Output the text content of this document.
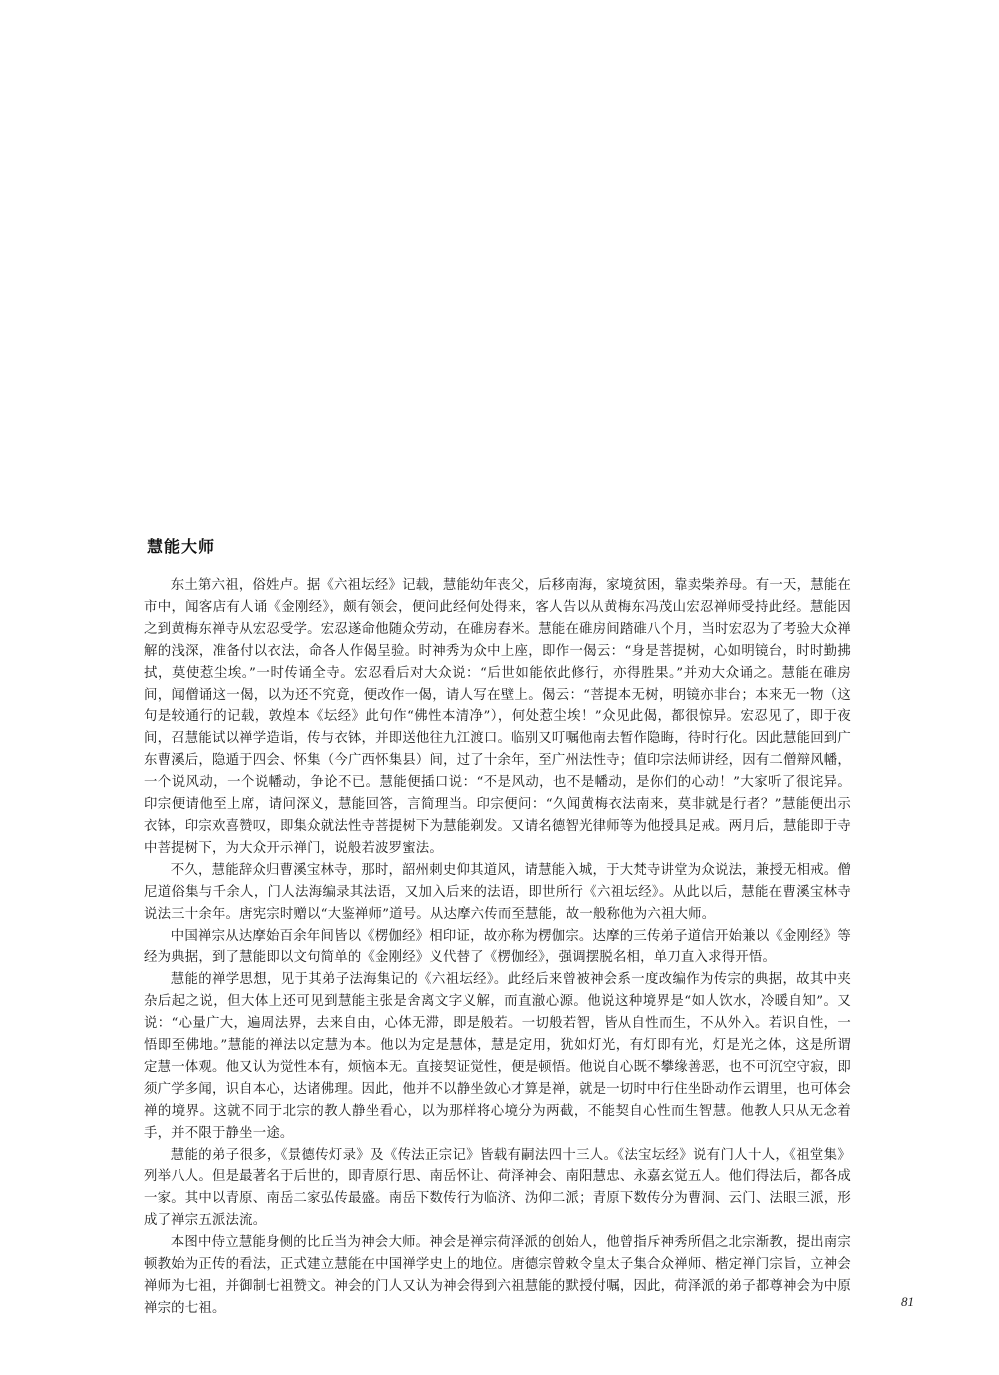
慧能大师

东土第六祖，俗姓卢。据《六祖坛经》记载，慧能幼年丧父，后移南海，家境贫困，靠卖柴养母。有一天，慧能在市中，闻客店有人诵《金刚经》，颇有领会，便问此经何处得来，客人告以从黄梅东冯茂山宏忍禅师受持此经。慧能因之到黄梅东禅寺从宏忍受学。宏忍遂命他随众劳动，在碓房舂米。慧能在碓房间踏碓八个月，当时宏忍为了考验大众禅解的浅深，准备付以衣法，命各人作偈呈验。时神秀为众中上座，即作一偈云：“身是菩提树，心如明镜台，时时勤拂拭，莫使惹尘埃。”一时传诵全寺。宏忍看后对大众说：“后世如能依此修行，亦得胜果。”并劝大众诵之。慧能在碓房间，闻僧诵这一偈，以为还不究竟，便改作一偈，请人写在壁上。偈云：“菩提本无树，明镜亦非台；本来无一物（这句是较通行的记载，敦煌本《坛经》此句作“佛性本清净”），何处惹尘埃！”众见此偈，都很惊异。宏忍见了，即于夜间，召慧能试以禅学造诣，传与衣钵，并即送他往九江渡口。临别又叮嘱他南去暂作隐晦，待时行化。因此慧能回到广东曹溪后，隐遁于四会、怀集（今广西怀集县）间，过了十余年，至广州法性寺；值印宗法师讲经，因有二僧辩风幡，一个说风动，一个说幡动，争论不已。慧能便插口说：“不是风动，也不是幡动，是你们的心动！”大家听了很诧异。印宗便请他至上席，请问深义，慧能回答，言简理当。印宗便问：“久闻黄梅衣法南来，莫非就是行者？”慧能便出示衣钵，印宗欢喜赞叹，即集众就法性寺菩提树下为慧能剃发。又请名德智光律师等为他授具足戒。两月后，慧能即于寺中菩提树下，为大众开示禅门，说般若波罗蜜法。

不久，慧能辞众归曹溪宝林寺，那时，韶州刺史仰其道风，请慧能入城，于大梵寺讲堂为众说法，兼授无相戒。僧尼道俗集与千余人，门人法海编录其法语，又加入后来的法语，即世所行《六祖坛经》。从此以后，慧能在曹溪宝林寺说法三十余年。唐宪宗时赠以“大鉴禅师”道号。从达摩六传而至慧能，故一般称他为六祖大师。

中国禅宗从达摩始百余年间皆以《楞伽经》相印证，故亦称为楞伽宗。达摩的三传弟子道信开始兼以《金刚经》等经为典据，到了慧能即以文句简单的《金刚经》义代替了《楞伽经》，强调摆脱名相，单刀直入求得开悟。

慧能的禅学思想，见于其弟子法海集记的《六祖坛经》。此经后来曾被神会系一度改编作为传宗的典据，故其中夹杂后起之说，但大体上还可见到慧能主张是舍离文字义解，而直澈心源。他说这种境界是“如人饮水，冷暖自知”。又说：“心量广大，遍周法界，去来自由，心体无滞，即是般若。一切般若智，皆从自性而生，不从外入。若识自性，一悟即至佛地。”慧能的禅法以定慧为本。他以为定是慧体，慧是定用，犹如灯光，有灯即有光，灯是光之体，这是所谓定慧一体观。他又认为觉性本有，烦恼本无。直接契证觉性，便是顿悟。他说自心既不攀缘善恶，也不可沉空守寂，即须广学多闻，识自本心，达诸佛理。因此，他并不以静坐敛心才算是禅，就是一切时中行住坐卧动作云谓里，也可体会禅的境界。这就不同于北宗的教人静坐看心，以为那样将心境分为两截，不能契自心性而生智慧。他教人只从无念着手，并不限于静坐一途。

慧能的弟子很多，《景德传灯录》及《传法正宗记》皆载有嗣法四十三人。《法宝坛经》说有门人十人，《祖堂集》列举八人。但是最著名于后世的，即青原行思、南岳怀让、荷泽神会、南阳慧忠、永嘉玄觉五人。他们得法后，都各成一家。其中以青原、南岳二家弘传最盛。南岳下数传行为临济、沩仰二派；青原下数传分为曹洞、云门、法眼三派，形成了禅宗五派法流。

本图中侍立慧能身侧的比丘当为神会大师。神会是禅宗荷泽派的创始人，他曾指斥神秀所倡之北宗渐教，提出南宗顿教始为正传的看法，正式建立慧能在中国禅学史上的地位。唐德宗曾敕令皇太子集合众禅师、楷定禅门宗旨，立神会禅师为七祖，并御制七祖赞文。神会的门人又认为神会得到六祖慧能的默授付嘱，因此，荷泽派的弟子都尊神会为中原禅宗的七祖。	81
